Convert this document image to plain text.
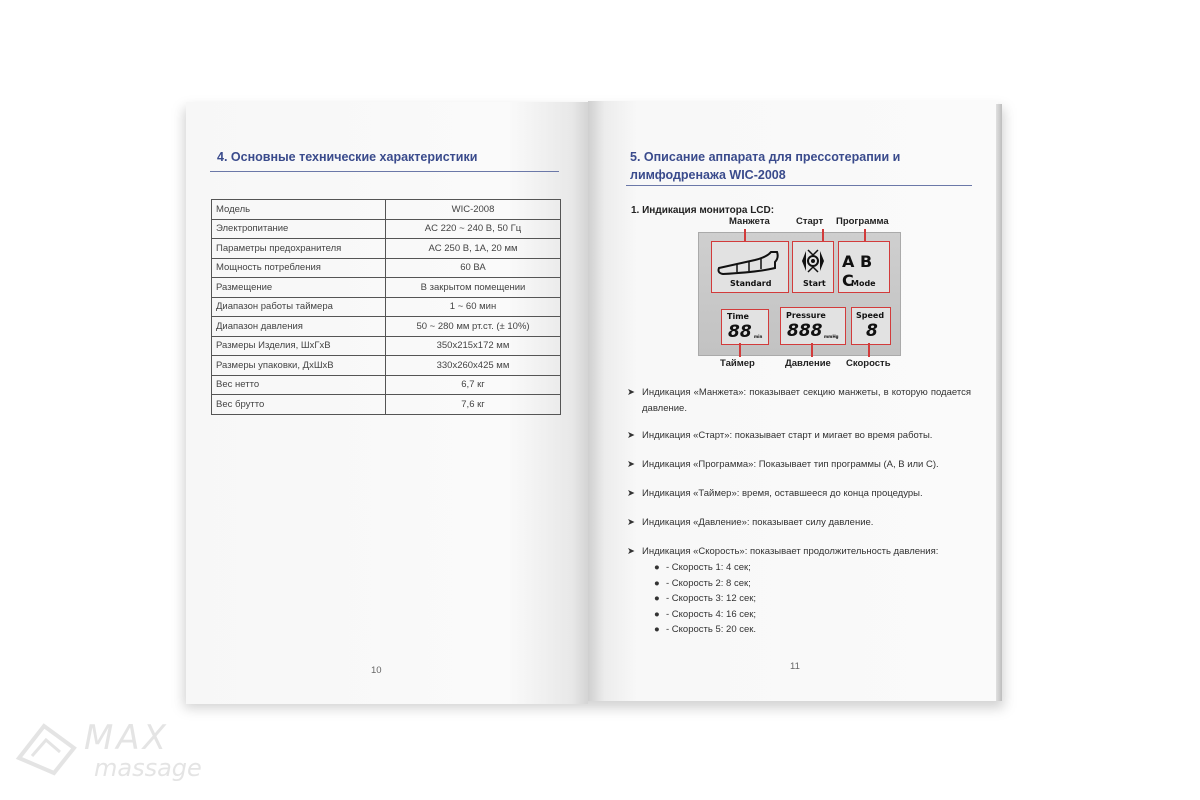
4. Основные технические характеристики
Модель	WIC-2008
Электропитание	AC 220 ~ 240 В, 50 Гц
Параметры предохранителя	AC 250 В, 1А, 20 мм
Мощность потребления	60 ВА
Размещение	В закрытом помещении
Диапазон работы таймера	1 ~ 60 мин
Диапазон давления	50 ~ 280 мм рт.ст. (± 10%)
Размеры Изделия, ШхГхВ	350x215x172 мм
Размеры упаковки, ДхШхВ	330x260x425 мм
Вес нетто	6,7 кг
Вес брутто	7,6 кг
10
5. Описание аппарата для прессотерапии и
лимфодренажа WIC-2008
1. Индикация монитора LCD:
Манжета	Старт Программа
Standard	Start
A B C
Mode
Time
88 min
Pressure
888 mmHg
Speed
8
Таймер	Давление Скорость
➤ Индикация «Манжета»: показывает секцию манжеты, в которую подается давление.
➤ Индикация «Старт»: показывает старт и мигает во время работы.
➤ Индикация «Программа»: Показывает тип программы (A, B или C).
➤ Индикация «Таймер»: время, оставшееся до конца процедуры.
➤ Индикация «Давление»: показывает силу давление.
➤ Индикация «Скорость»: показывает продолжительность давления:
● - Скорость 1: 4 сек;
● - Скорость 2: 8 сек;
● - Скорость 3: 12 сек;
● - Скорость 4: 16 сек;
● - Скорость 5: 20 сек.
11
MAX
massage
